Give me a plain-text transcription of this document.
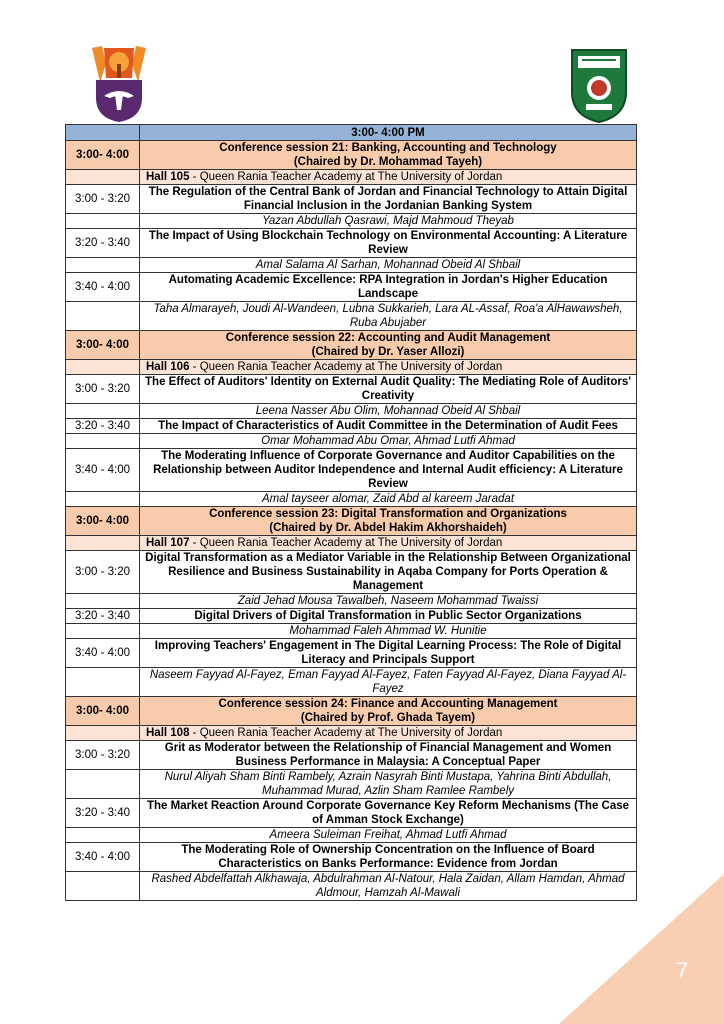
	3:00- 4:00 PM
3:00- 4:00	Conference session 21: Banking, Accounting and Technology
(Chaired by Dr. Mohammad Tayeh)

	Hall 105 - Queen Rania Teacher Academy at The University of Jordan
3:00 - 3:20	The Regulation of the Central Bank of Jordan and Financial Technology to Attain Digital Financial Inclusion in the Jordanian Banking System
	Yazan Abdullah Qasrawi, Majd Mahmoud Theyab
3:20 - 3:40	The Impact of Using Blockchain Technology on Environmental Accounting: A Literature Review
	Amal Salama Al Sarhan, Mohannad Obeid Al Shbail
3:40 - 4:00	Automating Academic Excellence: RPA Integration in Jordan's Higher Education Landscape
	Taha Almarayeh, Joudi Al-Wandeen, Lubna Sukkarieh, Lara AL-Assaf, Roa'a AlHawawsheh, Ruba Abujaber
3:00- 4:00	Conference session 22: Accounting and Audit Management
(Chaired by Dr. Yaser Allozi)

	Hall 106 - Queen Rania Teacher Academy at The University of Jordan
3:00 - 3:20	The Effect of Auditors' Identity on External Audit Quality: The Mediating Role of Auditors' Creativity
	Leena Nasser Abu Olim, Mohannad Obeid Al Shbail
3:20 - 3:40	The Impact of Characteristics of Audit Committee in the Determination of Audit Fees
	Omar Mohammad Abu Omar, Ahmad Lutfi Ahmad
3:40 - 4:00	The Moderating Influence of Corporate Governance and Auditor Capabilities on the Relationship between Auditor Independence and Internal Audit efficiency: A Literature Review
	Amal tayseer alomar, Zaid Abd al kareem Jaradat
3:00- 4:00	Conference session 23: Digital Transformation and Organizations
(Chaired by Dr. Abdel Hakim Akhorshaideh)

	Hall 107 - Queen Rania Teacher Academy at The University of Jordan
3:00 - 3:20	Digital Transformation as a Mediator Variable in the Relationship Between Organizational Resilience and Business Sustainability in Aqaba Company for Ports Operation & Management
	Zaid Jehad Mousa Tawalbeh, Naseem Mohammad Twaissi
3:20 - 3:40	Digital Drivers of Digital Transformation in Public Sector Organizations
	Mohammad Faleh Ahmmad W. Hunitie
3:40 - 4:00	Improving Teachers' Engagement in The Digital Learning Process: The Role of Digital Literacy and Principals Support
	Naseem Fayyad Al-Fayez, Eman Fayyad Al-Fayez, Faten Fayyad Al-Fayez, Diana Fayyad Al-Fayez
3:00- 4:00	Conference session 24: Finance and Accounting Management
(Chaired by Prof. Ghada Tayem)

	Hall 108 - Queen Rania Teacher Academy at The University of Jordan
3:00 - 3:20	Grit as Moderator between the Relationship of Financial Management and Women Business Performance in Malaysia: A Conceptual Paper
	Nurul Aliyah Sham Binti Rambely, Azrain Nasyrah Binti Mustapa, Yahrina Binti Abdullah, Muhammad Murad, Azlin Sham Ramlee Rambely
3:20 - 3:40	The Market Reaction Around Corporate Governance Key Reform Mechanisms (The Case of Amman Stock Exchange)
	Ameera Suleiman Freihat, Ahmad Lutfi Ahmad
3:40 - 4:00	The Moderating Role of Ownership Concentration on the Influence of Board Characteristics on Banks Performance: Evidence from Jordan
	Rashed Abdelfattah Alkhawaja, Abdulrahman Al-Natour, Hala Zaidan, Allam Hamdan, Ahmad Aldmour, Hamzah Al-Mawali
7
